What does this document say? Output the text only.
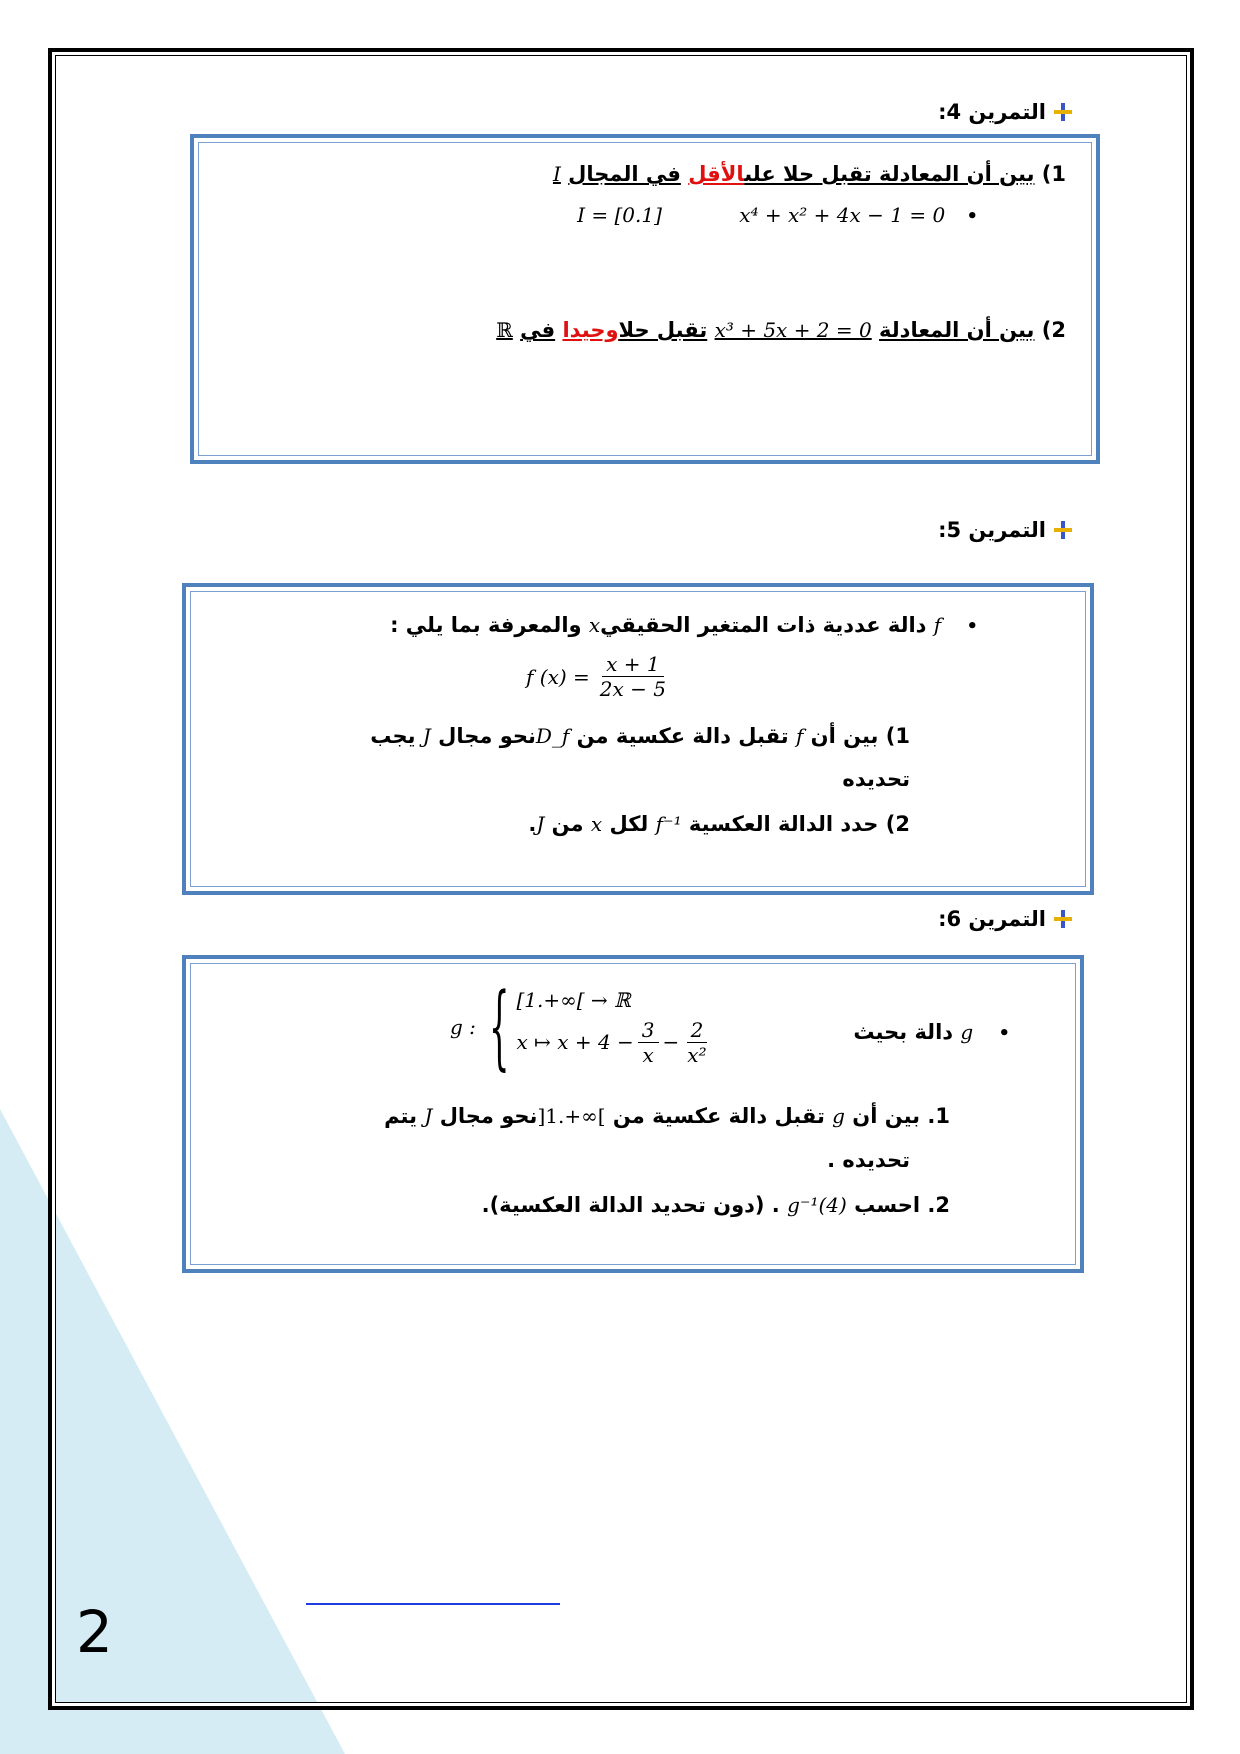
التمرين 4:
1) بين أن المعادلة تقبل حلا علىالأقل في المجال I
• x⁴ + x² + 4x − 1 = 0 I = [0.1]
2) بين أن المعادلة x³ + 5x + 2 = 0 تقبل حلاوحيدا في ℝ
التمرين 5:
• f دالة عددية ذات المتغير الحقيقيx والمعرفة بما يلي :
f $(x) = \frac{x + 1}{2x - 5}$
1) بين أن f تقبل دالة عكسية من D_fنحو مجال J يجب
تحديده
2) حدد الدالة العكسية f⁻¹ لكل x من J.
التمرين 6:
• g دالة بحيث
g : { [1.+∞[ → ℝ
x ↦ $x + 4 - \frac{3}{x} - \frac{2}{\text{x²}}$
1. بين أن g تقبل دالة عكسية من ]1.+∞[نحو مجال J يتم
تحديده .
2. احسب g⁻¹(4) . (دون تحديد الدالة العكسية).
2
